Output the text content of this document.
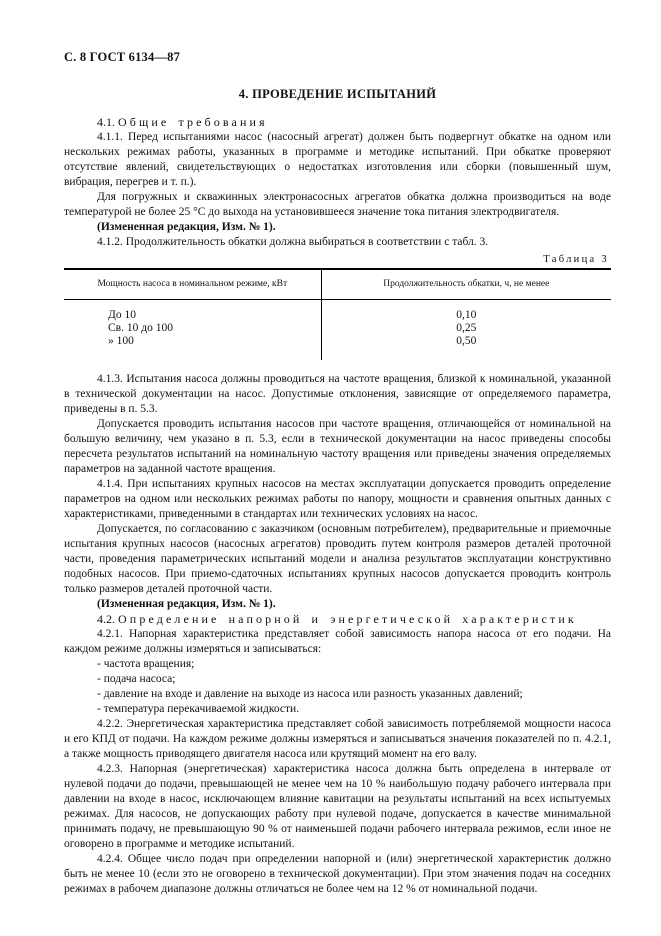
С. 8 ГОСТ 6134—87
4. ПРОВЕДЕНИЕ ИСПЫТАНИЙ
4.1. Общие требования

4.1.1. Перед испытаниями насос (насосный агрегат) должен быть подвергнут обкатке на одном или нескольких режимах работы, указанных в программе и методике испытаний. При обкатке проверяют отсутствие явлений, свидетельствующих о недостатках изготовления или сборки (повышенный шум, вибрация, перегрев и т. п.).

Для погружных и скважинных электронасосных агрегатов обкатка должна производиться на воде температурой не более 25 °С до выхода на установившееся значение тока питания электродвигателя.

(Измененная редакция, Изм. № 1).

4.1.2. Продолжительность обкатки должна выбираться в соответствии с табл. 3.

Таблица 3
Мощность насоса в номинальном режиме, кВт	Продолжительность обкатки, ч, не менее
До 10	0,10
Св. 10 до 100	0,25
» 100	0,50

4.1.3. Испытания насоса должны проводиться на частоте вращения, близкой к номинальной, указанной в технической документации на насос. Допустимые отклонения, зависящие от определяемого параметра, приведены в п. 5.3.

Допускается проводить испытания насосов при частоте вращения, отличающейся от номинальной на большую величину, чем указано в п. 5.3, если в технической документации на насос приведены способы пересчета результатов испытаний на номинальную частоту вращения или приведены значения определяемых параметров на заданной частоте вращения.

4.1.4. При испытаниях крупных насосов на местах эксплуатации допускается проводить определение параметров на одном или нескольких режимах работы по напору, мощности и сравнения опытных данных с характеристиками, приведенными в стандартах или технических условиях на насос.

Допускается, по согласованию с заказчиком (основным потребителем), предварительные и приемочные испытания крупных насосов (насосных агрегатов) проводить путем контроля размеров деталей проточной части, проведения параметрических испытаний модели и анализа результатов эксплуатации конструктивно подобных насосов. При приемо-сдаточных испытаниях крупных насосов допускается проводить контроль только размеров деталей проточной части.

(Измененная редакция, Изм. № 1).

4.2. Определение напорной и энергетической характеристик

4.2.1. Напорная характеристика представляет собой зависимость напора насоса от его подачи. На каждом режиме должны измеряться и записываться:

- частота вращения;

- подача насоса;

- давление на входе и давление на выходе из насоса или разность указанных давлений;

- температура перекачиваемой жидкости.

4.2.2. Энергетическая характеристика представляет собой зависимость потребляемой мощности насоса и его КПД от подачи. На каждом режиме должны измеряться и записываться значения показателей по п. 4.2.1, а также мощность приводящего двигателя насоса или крутящий момент на его валу.

4.2.3. Напорная (энергетическая) характеристика насоса должна быть определена в интервале от нулевой подачи до подачи, превышающей не менее чем на 10 % наибольшую подачу рабочего интервала при давлении на входе в насос, исключающем влияние кавитации на результаты испытаний на всех испытуемых режимах. Для насосов, не допускающих работу при нулевой подаче, допускается в качестве минимальной принимать подачу, не превышающую 90 % от наименьшей подачи рабочего интервала режимов, если иное не оговорено в программе и методике испытаний.

4.2.4. Общее число подач при определении напорной и (или) энергетической характеристик должно быть не менее 10 (если это не оговорено в технической документации). При этом значения подач на соседних режимах в рабочем диапазоне должны отличаться не более чем на 12 % от номинальной подачи.
